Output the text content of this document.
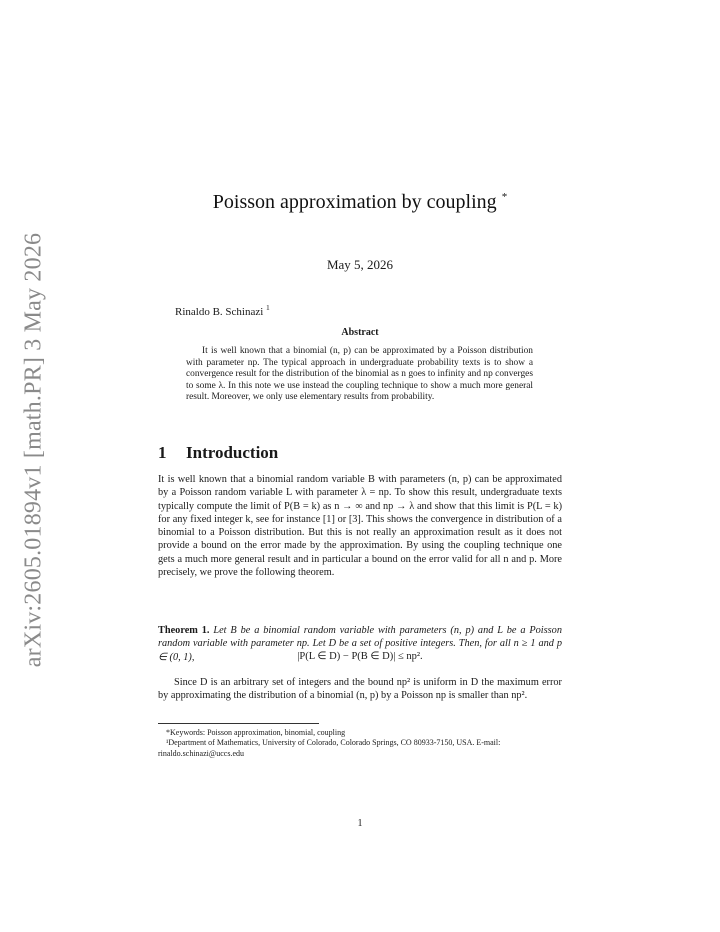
arXiv:2605.01894v1 [math.PR] 3 May 2026
Poisson approximation by coupling *
May 5, 2026
Rinaldo B. Schinazi $^1$
Abstract
It is well known that a binomial (n, p) can be approximated by a Poisson distribution with parameter np. The typical approach in undergraduate probability texts is to show a convergence result for the distribution of the binomial as n goes to infinity and np converges to some λ. In this note we use instead the coupling technique to show a much more general result. Moreover, we only use elementary results from probability.
1 Introduction
It is well known that a binomial random variable B with parameters (n, p) can be approximated by a Poisson random variable L with parameter λ = np. To show this result, undergraduate texts typically compute the limit of P(B = k) as n → ∞ and np → λ and show that this limit is P(L = k) for any fixed integer k, see for instance [1] or [3]. This shows the convergence in distribution of a binomial to a Poisson distribution. But this is not really an approximation result as it does not provide a bound on the error made by the approximation. By using the coupling technique one gets a much more general result and in particular a bound on the error valid for all n and p. More precisely, we prove the following theorem.
Theorem 1. Let B be a binomial random variable with parameters (n, p) and L be a Poisson random variable with parameter np. Let D be a set of positive integers. Then, for all n ≥ 1 and p ∈ (0, 1),	|P(L ∈ D) − P(B ∈ D)| ≤ np².
Since D is an arbitrary set of integers and the bound np² is uniform in D the maximum error by approximating the distribution of a binomial (n, p) by a Poisson np is smaller than np².
*Keywords: Poisson approximation, binomial, coupling
¹Department of Mathematics, University of Colorado, Colorado Springs, CO 80933-7150, USA. E-mail: rinaldo.schinazi@uccs.edu
1
